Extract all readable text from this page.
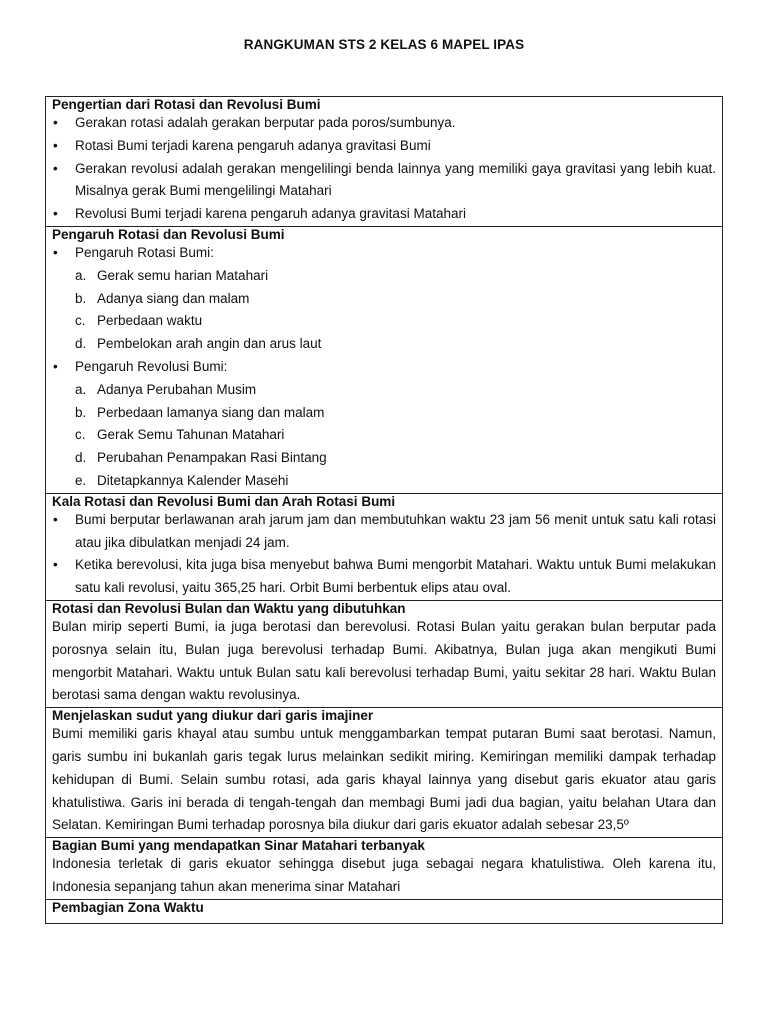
RANGKUMAN STS 2 KELAS 6 MAPEL IPAS
Pengertian dari Rotasi dan Revolusi Bumi
•	Gerakan rotasi adalah gerakan berputar pada poros/sumbunya.
•	Rotasi Bumi terjadi karena pengaruh adanya gravitasi Bumi
•	Gerakan revolusi adalah gerakan mengelilingi benda lainnya yang memiliki gaya gravitasi yang lebih kuat. Misalnya gerak Bumi mengelilingi Matahari
•	Revolusi Bumi terjadi karena pengaruh adanya gravitasi Matahari
Pengaruh Rotasi dan Revolusi Bumi
•	Pengaruh Rotasi Bumi:
a. Gerak semu harian Matahari
b. Adanya siang dan malam
c. Perbedaan waktu
d. Pembelokan arah angin dan arus laut
•	Pengaruh Revolusi Bumi:
a. Adanya Perubahan Musim
b. Perbedaan lamanya siang dan malam
c. Gerak Semu Tahunan Matahari
d. Perubahan Penampakan Rasi Bintang
e. Ditetapkannya Kalender Masehi
Kala Rotasi dan Revolusi Bumi dan Arah Rotasi Bumi
•	Bumi berputar berlawanan arah jarum jam dan membutuhkan waktu 23 jam 56 menit untuk satu kali rotasi atau jika dibulatkan menjadi 24 jam.
•	Ketika berevolusi, kita juga bisa menyebut bahwa Bumi mengorbit Matahari. Waktu untuk Bumi melakukan satu kali revolusi, yaitu 365,25 hari. Orbit Bumi berbentuk elips atau oval.
Rotasi dan Revolusi Bulan dan Waktu yang dibutuhkan
Bulan mirip seperti Bumi, ia juga berotasi dan berevolusi. Rotasi Bulan yaitu gerakan bulan berputar pada porosnya selain itu, Bulan juga berevolusi terhadap Bumi. Akibatnya, Bulan juga akan mengikuti Bumi mengorbit Matahari. Waktu untuk Bulan satu kali berevolusi terhadap Bumi, yaitu sekitar 28 hari. Waktu Bulan berotasi sama dengan waktu revolusinya.
Menjelaskan sudut yang diukur dari garis imajiner
Bumi memiliki garis khayal atau sumbu untuk menggambarkan tempat putaran Bumi saat berotasi. Namun, garis sumbu ini bukanlah garis tegak lurus melainkan sedikit miring. Kemiringan memiliki dampak terhadap kehidupan di Bumi. Selain sumbu rotasi, ada garis khayal lainnya yang disebut garis ekuator atau garis khatulistiwa. Garis ini berada di tengah-tengah dan membagi Bumi jadi dua bagian, yaitu belahan Utara dan Selatan. Kemiringan Bumi terhadap porosnya bila diukur dari garis ekuator adalah sebesar 23,5º
Bagian Bumi yang mendapatkan Sinar Matahari terbanyak
Indonesia terletak di garis ekuator sehingga disebut juga sebagai negara khatulistiwa. Oleh karena itu, Indonesia sepanjang tahun akan menerima sinar Matahari
Pembagian Zona Waktu
